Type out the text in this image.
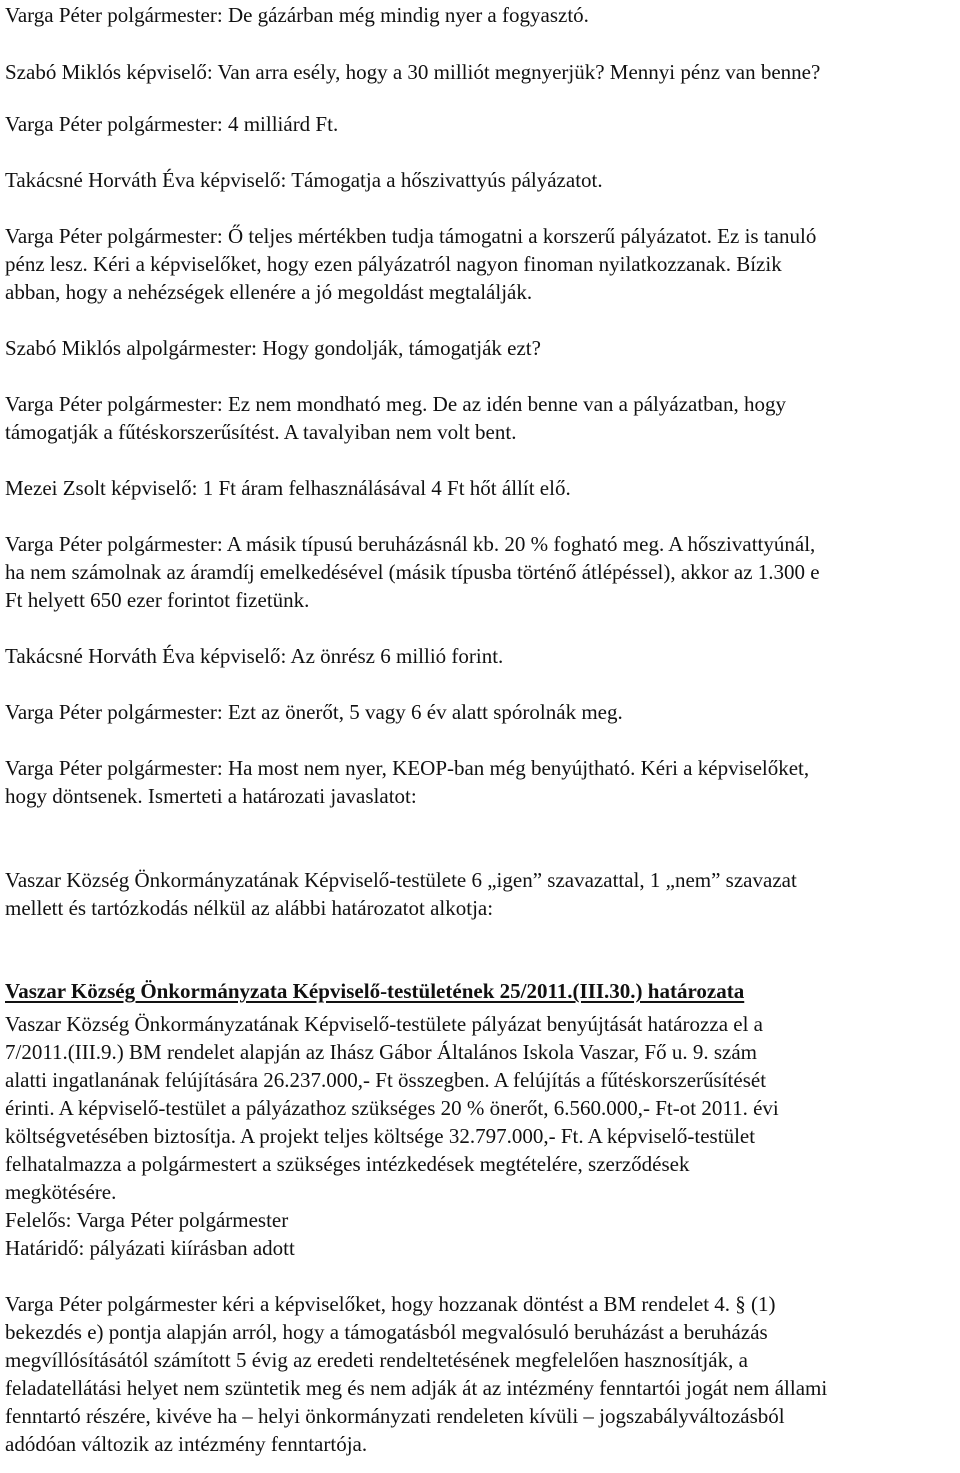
Varga Péter polgármester: De gázárban még mindig nyer a fogyasztó.
Szabó Miklós képviselő: Van arra esély, hogy a 30 milliót megnyerjük? Mennyi pénz van benne?
Varga Péter polgármester: 4 milliárd Ft.
Takácsné Horváth Éva képviselő: Támogatja a hőszivattyús pályázatot.
Varga Péter polgármester: Ő teljes mértékben tudja támogatni a korszerű pályázatot. Ez is tanuló
pénz lesz. Kéri a képviselőket, hogy ezen pályázatról nagyon finoman nyilatkozzanak. Bízik
abban, hogy a nehézségek ellenére a jó megoldást megtalálják.
Szabó Miklós alpolgármester: Hogy gondolják, támogatják ezt?
Varga Péter polgármester: Ez nem mondható meg. De az idén benne van a pályázatban, hogy
támogatják a fűtéskorszerűsítést. A tavalyiban nem volt bent.
Mezei Zsolt képviselő: 1 Ft áram felhasználásával 4 Ft hőt állít elő.
Varga Péter polgármester: A másik típusú beruházásnál kb. 20 % fogható meg. A hőszivattyúnál,
ha nem számolnak az áramdíj emelkedésével (másik típusba történő átlépéssel), akkor az 1.300 e
Ft helyett 650 ezer forintot fizetünk.
Takácsné Horváth Éva képviselő: Az önrész 6 millió forint.
Varga Péter polgármester: Ezt az önerőt, 5 vagy 6 év alatt spórolnák meg.
Varga Péter polgármester: Ha most nem nyer, KEOP-ban még benyújtható. Kéri a képviselőket,
hogy döntsenek. Ismerteti a határozati javaslatot:
Vaszar Község Önkormányzatának Képviselő-testülete 6 „igen” szavazattal, 1 „nem” szavazat
mellett és tartózkodás nélkül az alábbi határozatot alkotja:
Vaszar Község Önkormányzata Képviselő-testületének 25/2011.(III.30.) határozata
Vaszar Község Önkormányzatának Képviselő-testülete pályázat benyújtását határozza el a
7/2011.(III.9.) BM rendelet alapján az Ihász Gábor Általános Iskola Vaszar, Fő u. 9. szám
alatti ingatlanának felújítására 26.237.000,- Ft összegben. A felújítás a fűtéskorszerűsítését
érinti. A képviselő-testület a pályázathoz szükséges 20 % önerőt, 6.560.000,- Ft-ot 2011. évi
költségvetésében biztosítja. A projekt teljes költsége 32.797.000,- Ft. A képviselő-testület
felhatalmazza a polgármestert a szükséges intézkedések megtételére, szerződések
megkötésére.
Felelős: Varga Péter polgármester
Határidő: pályázati kiírásban adott
Varga Péter polgármester kéri a képviselőket, hogy hozzanak döntést a BM rendelet 4. § (1)
bekezdés e) pontja alapján arról, hogy a támogatásból megvalósuló beruházást a beruházás
megvíllósításától számított 5 évig az eredeti rendeltetésének megfelelően hasznosítják, a
feladatellátási helyet nem szüntetik meg és nem adják át az intézmény fenntartói jogát nem állami
fenntartó részére, kivéve ha – helyi önkormányzati rendeleten kívüli – jogszabályváltozásból
adódóan változik az intézmény fenntartója.
